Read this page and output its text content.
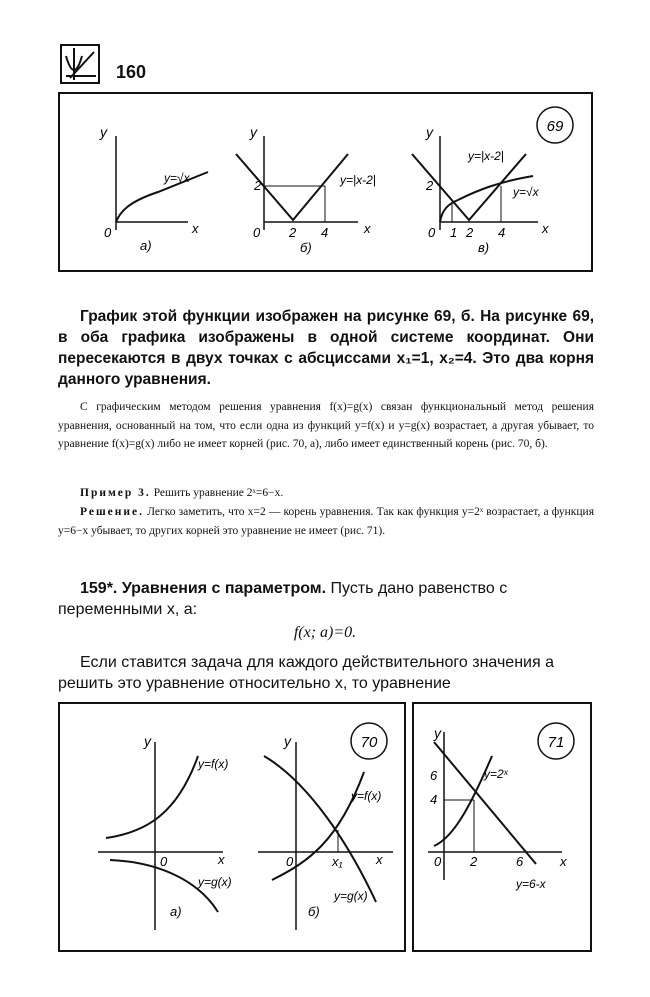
160
69
y
0	x
y=√x
а)
y
2
0 2 4	x
y=|x-2|
б)
y
2
0 1 2 4	x
y=|x-2|
y=√x
в)
График этой функции изображен на рисунке 69, б. На рисунке 69, в оба графика изображены в одной системе координат. Они пересекаются в двух точках с абсциссами x₁=1, x₂=4. Это два корня данного уравнения.
С графическим методом решения уравнения f(x)=g(x) связан функциональный метод решения уравнения, основанный на том, что если одна из функций y=f(x) и y=g(x) возрастает, а другая убывает, то уравнение f(x)=g(x) либо не имеет корней (рис. 70, а), либо имеет единственный корень (рис. 70, б).
Пример 3. Решить уравнение 2ˣ=6−x.
Решение. Легко заметить, что x=2 — корень уравнения. Так как функция y=2ˣ возрастает, а функция y=6−x убывает, то других корней это уравнение не имеет (рис. 71).
159*. Уравнения с параметром. Пусть дано равенство с переменными x, a:
f(x; a)=0.
Если ставится задача для каждого действительного значения a решить это уравнение относительно x, то уравнение
70
y
0	x
y=f(x)
y=g(x)
а)
y
0	x₁	x
y=f(x)
y=g(x)
б)
71
y
6
4
0 2	6	x
y=2ˣ
y=6-x
